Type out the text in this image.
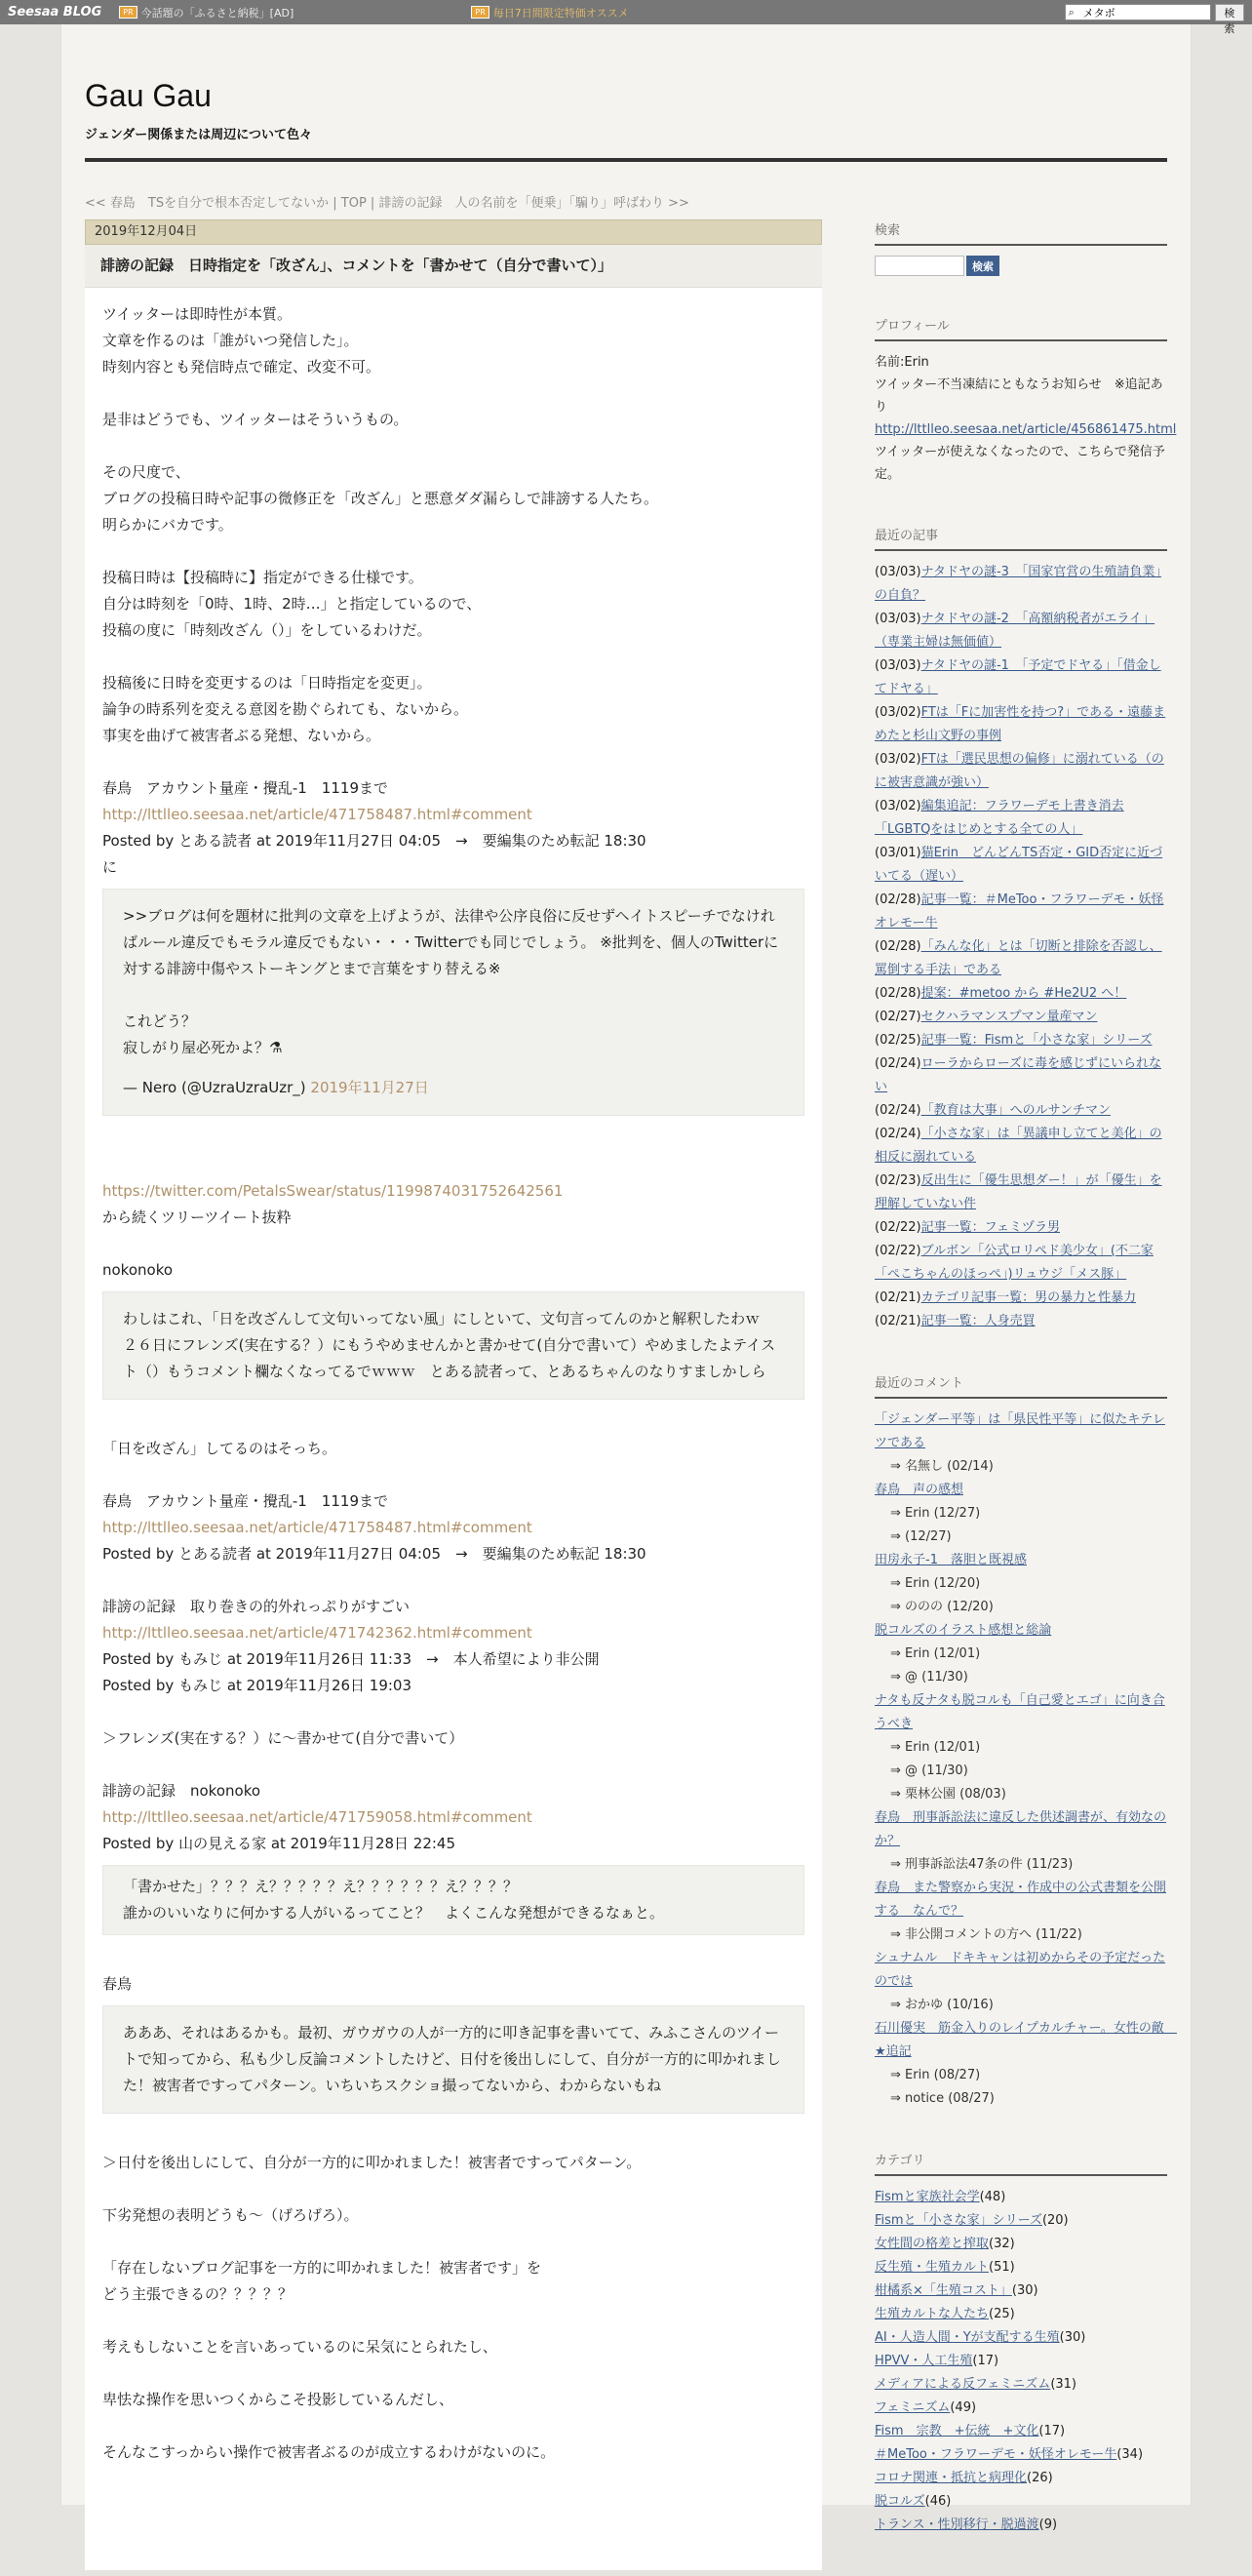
Seesaa BLOG	PR 今話題の「ふるさと納税」[AD]	PR 毎日7日間限定特価オススメ	⌕
メタボ	検索
Gau Gau
ジェンダー関係または周辺について色々
<< 春島　TSを自分で根本否定してないか | TOP | 誹謗の記録　人の名前を「便乗」「騙り」呼ばわり >>
2019年12月04日
誹謗の記録　日時指定を「改ざん」、コメントを「書かせて（自分で書いて）」

ツイッターは即時性が本質。

文章を作るのは「誰がいつ発信した」。

時刻内容とも発信時点で確定、改変不可。

是非はどうでも、ツイッターはそういうもの。

その尺度で、

ブログの投稿日時や記事の微修正を「改ざん」と悪意ダダ漏らしで誹謗する人たち。

明らかにバカです。

投稿日時は【投稿時に】指定ができる仕様です。

自分は時刻を「0時、1時、2時…」と指定しているので、

投稿の度に「時刻改ざん（）」をしているわけだ。

投稿後に日時を変更するのは「日時指定を変更」。

論争の時系列を変える意図を勘ぐられても、ないから。

事実を曲げて被害者ぶる発想、ないから。

春鳥　アカウント量産・攪乱-1　1119まで

http://lttlleo.seesaa.net/article/471758487.html#comment

Posted by とある読者 at 2019年11月27日 04:05　→　要編集のため転記 18:30

に

>>ブログは何を題材に批判の文章を上げようが、法律や公序良俗に反せずヘイトスピーチでなければルール違反でもモラル違反でもない・・・Twitterでも同じでしょう。 ※批判を、個人のTwitterに対する誹謗中傷やストーキングとまで言葉をすり替える※

これどう？

寂しがり屋必死かよ？⚗

— Nero (@UzraUzraUzr_) 2019年11月27日

https://twitter.com/PetalsSwear/status/1199874031752642561

から続くツリーツイート抜粋

nokonoko

わしはこれ、「日を改ざんして文句いってない風」にしといて、文句言ってんのかと解釈したわｗ　２６日にフレンズ(実在する？）にもうやめませんかと書かせて(自分で書いて）やめましたよテイスト（）もうコメント欄なくなってるでｗｗｗ　とある読者って、とあるちゃんのなりすましかしら

「日を改ざん」してるのはそっち。

春鳥　アカウント量産・攪乱-1　1119まで

http://lttlleo.seesaa.net/article/471758487.html#comment

Posted by とある読者 at 2019年11月27日 04:05　→　要編集のため転記 18:30

誹謗の記録　取り巻きの的外れっぷりがすごい

http://lttlleo.seesaa.net/article/471742362.html#comment

Posted by もみじ at 2019年11月26日 11:33　→　本人希望により非公開

Posted by もみじ at 2019年11月26日 19:03

＞フレンズ(実在する？）に～書かせて(自分で書いて）

誹謗の記録　nokonoko

http://lttlleo.seesaa.net/article/471759058.html#comment

Posted by 山の見える家 at 2019年11月28日 22:45

「書かせた」？？？え？？？？？え？？？？？？え？？？？

誰かのいいなりに何かする人がいるってこと？　よくこんな発想ができるなぁと。

春鳥

あああ、それはあるかも。最初、ガウガウの人が一方的に叩き記事を書いてて、みふこさんのツイートで知ってから、私も少し反論コメントしたけど、日付を後出しにして、自分が一方的に叩かれました！被害者ですってパターン。いちいちスクショ撮ってないから、わからないもね

＞日付を後出しにして、自分が一方的に叩かれました！被害者ですってパターン。

下劣発想の表明どうも～（げろげろ）。

「存在しないブログ記事を一方的に叩かれました！被害者です」を

どう主張できるの？？？？？

考えもしないことを言いあっているのに呆気にとられたし、

卑怯な操作を思いつくからこそ投影しているんだし、

そんなこすっからい操作で被害者ぶるのが成立するわけがないのに。

検索
検索
プロフィール
名前:Erin
ツイッター不当凍結にともなうお知らせ　※追記あり
http://lttlleo.seesaa.net/article/456861475.html
ツイッターが使えなくなったので、こちらで発信予定。
最近の記事
(03/03)ナタドヤの謎-3　「国家官営の生殖請負業」の自負？
(03/03)ナタドヤの謎-2　「高額納税者がエライ」（専業主婦は無価値）
(03/03)ナタドヤの謎-1　「予定でドヤる」「借金してドヤる」
(03/02)FTは「Fに加害性を持つ?」である・遠藤まめたと杉山文野の事例
(03/02)FTは「選民思想の偏修」に溺れている（のに被害意識が強い）
(03/02)編集追記：フラワーデモ上書き消去「LGBTQをはじめとする全ての人」
(03/01)猫Erin　どんどんTS否定・GID否定に近づいてる（遅い）
(02/28)記事一覧：＃MeToo・フラワーデモ・妖怪オレモー牛
(02/28)「みんな化」とは「切断と排除を否認し、罵倒する手法」である
(02/28)提案：#metoo から #He2U2 へ！
(02/27)セクハラマンスプマン量産マン
(02/25)記事一覧：Fismと「小さな家」シリーズ
(02/24)ローラからローズに毒を感じずにいられない
(02/24)「教育は大事」へのルサンチマン
(02/24)「小さな家」は「異議申し立てと美化」の相反に溺れている
(02/23)反出生に「優生思想ダー！」が「優生」を理解していない件
(02/22)記事一覧：フェミヅラ男
(02/22)ブルボン「公式ロリペド美少女」(不二家「ぺこちゃんのほっぺ」)リュウジ「メス豚」
(02/21)カテゴリ記事一覧：男の暴力と性暴力
(02/21)記事一覧：人身売買
最近のコメント
「ジェンダー平等」は「県民性平等」に似たキテレツである
⇒ 名無し (02/14)
春鳥　声の感想
⇒ Erin (12/27)
⇒ (12/27)
田房永子-1　落胆と既視感
⇒ Erin (12/20)
⇒ ののの (12/20)
脱コルズのイラスト感想と総論
⇒ Erin (12/01)
⇒ @ (11/30)
ナタも反ナタも脱コルも「自己愛とエゴ」に向き合うべき
⇒ Erin (12/01)
⇒ @ (11/30)
⇒ 栗林公園 (08/03)
春鳥　刑事訴訟法に違反した供述調書が、有効なのか？
⇒ 刑事訴訟法47条の件 (11/23)
春鳥　また警察から実況・作成中の公式書類を公開する　なんで？
⇒ 非公開コメントの方へ (11/22)
シュナムル　ドキキャンは初めからその予定だったのでは
⇒ おかゆ (10/16)
石川優実　筋金入りのレイプカルチャー。女性の敵　★追記
⇒ Erin (08/27)
⇒ notice (08/27)
カテゴリ
Fismと家族社会学(48)
Fismと「小さな家」シリーズ(20)
女性間の格差と搾取(32)
反生殖・生殖カルト(51)
柑橘系×「生殖コスト」(30)
生殖カルトな人たち(25)
AI・人造人間・Yが支配する生殖(30)
HPVV・人工生殖(17)
メディアによる反フェミニズム(31)
フェミニズム(49)
Fism　宗教　+伝統　+文化(17)
＃MeToo・フラワーデモ・妖怪オレモー牛(34)
コロナ関連・抵抗と病理化(26)
脱コルズ(46)
トランス・性別移行・脱過渡(9)
